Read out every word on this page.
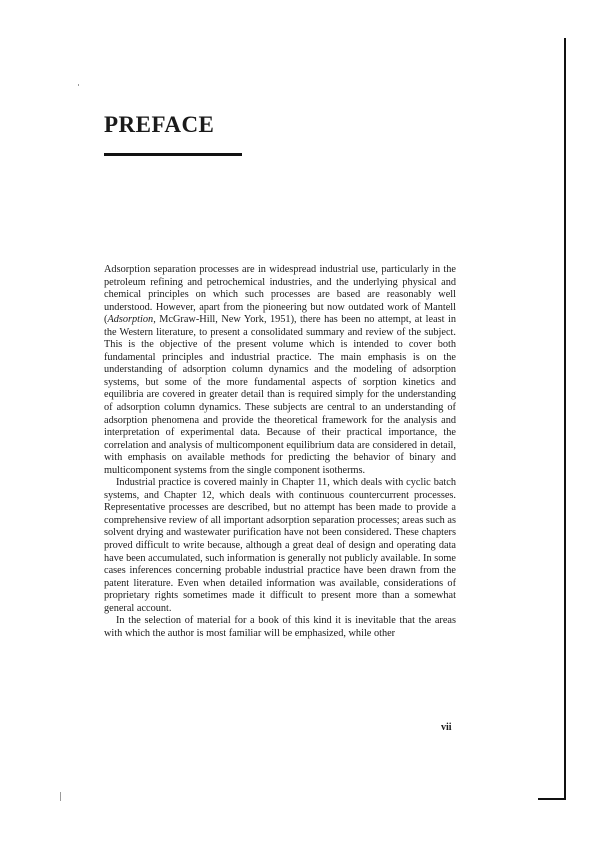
PREFACE

Adsorption separation processes are in widespread industrial use, particularly in the petroleum refining and petrochemical industries, and the underlying physical and chemical principles on which such processes are based are reasonably well understood. However, apart from the pioneering but now outdated work of Mantell (Adsorption, McGraw-Hill, New York, 1951), there has been no attempt, at least in the Western literature, to present a consolidated summary and review of the subject. This is the objective of the present volume which is intended to cover both fundamental principles and industrial practice. The main emphasis is on the understanding of adsorption column dynamics and the modeling of adsorption systems, but some of the more fundamental aspects of sorption kinetics and equilibria are covered in greater detail than is required simply for the understanding of adsorption column dynamics. These subjects are central to an understanding of adsorption phenomena and provide the theoretical framework for the analysis and interpretation of experimental data. Because of their practical importance, the correlation and analysis of multicomponent equilibrium data are considered in detail, with emphasis on available methods for predicting the behavior of binary and multicomponent systems from the single component isotherms.

Industrial practice is covered mainly in Chapter 11, which deals with cyclic batch systems, and Chapter 12, which deals with continuous countercurrent processes. Representative processes are described, but no attempt has been made to provide a comprehensive review of all important adsorption separation processes; areas such as solvent drying and wastewater purification have not been considered. These chapters proved difficult to write because, although a great deal of design and operating data have been accumulated, such information is generally not publicly available. In some cases inferences concerning probable industrial practice have been drawn from the patent literature. Even when detailed information was available, considerations of proprietary rights sometimes made it difficult to present more than a somewhat general account.

In the selection of material for a book of this kind it is inevitable that the areas with which the author is most familiar will be emphasized, while other

vii
